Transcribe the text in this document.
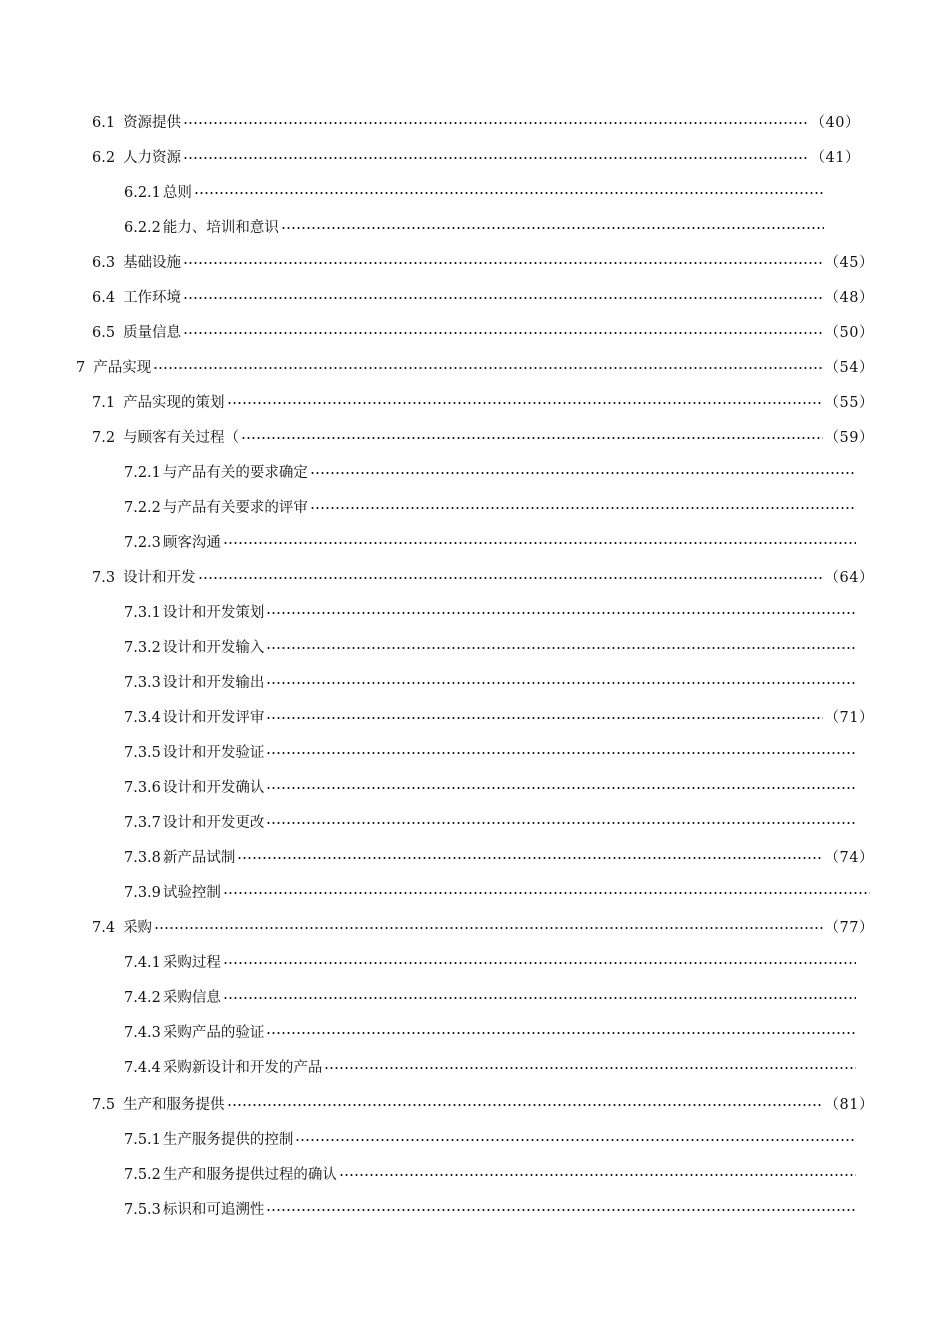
6.1 资源提供	（40）
6.2 人力资源	（41）
6.2.1 总则
6.2.2 能力、培训和意识
6.3 基础设施	（45）
6.4 工作环境	（48）
6.5 质量信息	（50）
7 产品实现	（54）
7.1 产品实现的策划	（55）
7.2 与顾客有关过程（	（59）
7.2.1 与产品有关的要求确定
7.2.2 与产品有关要求的评审
7.2.3 顾客沟通
7.3 设计和开发	（64）
7.3.1 设计和开发策划
7.3.2 设计和开发输入
7.3.3 设计和开发输出
7.3.4 设计和开发评审	（71）
7.3.5 设计和开发验证
7.3.6 设计和开发确认
7.3.7 设计和开发更改
7.3.8 新产品试制	（74）
7.3.9 试验控制
7.4 采购	（77）
7.4.1 采购过程
7.4.2 采购信息
7.4.3 采购产品的验证
7.4.4 采购新设计和开发的产品
7.5 生产和服务提供	（81）
7.5.1 生产服务提供的控制
7.5.2 生产和服务提供过程的确认
7.5.3 标识和可追溯性
